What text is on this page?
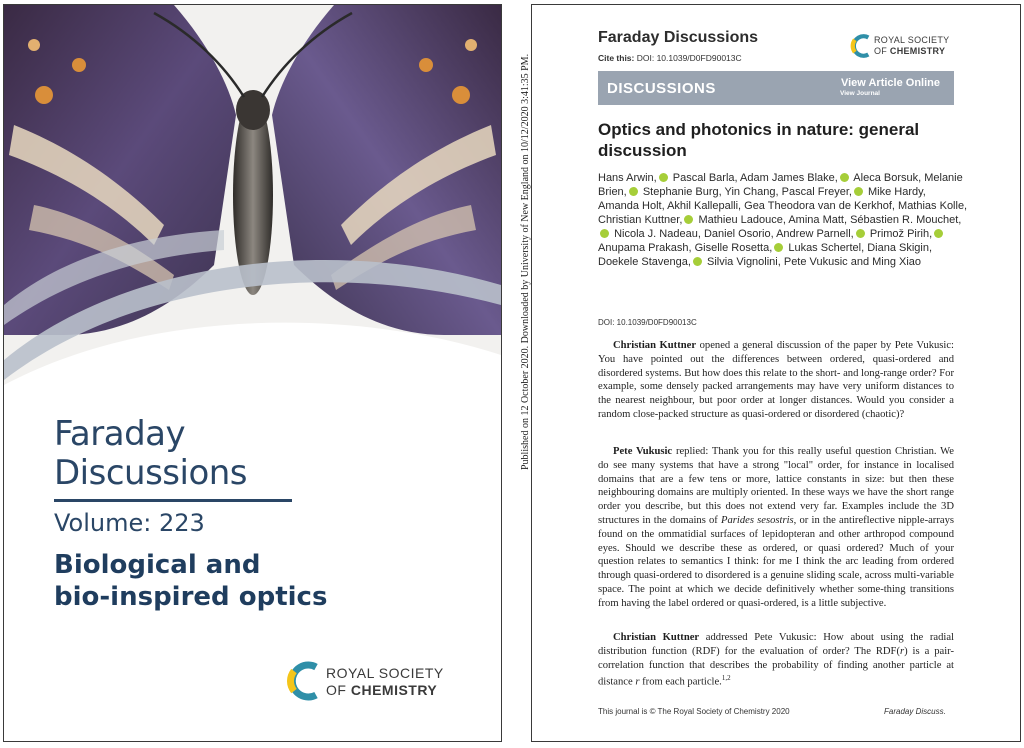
Faraday
Discussions
Volume: 223
Biological and
bio-inspired optics
ROYAL SOCIETY
OF CHEMISTRY
Published on 12 October 2020. Downloaded by University of New England on 10/12/2020 3:41:35 PM.
Faraday Discussions
Cite this: DOI: 10.1039/D0FD90013C
ROYAL SOCIETY
OF CHEMISTRY
DISCUSSIONS	View Article Online
View Journal
Optics and photonics in nature: general discussion
Hans Arwin, Pascal Barla, Adam James Blake, Aleca Borsuk, Melanie Brien, Stephanie Burg, Yin Chang, Pascal Freyer, Mike Hardy, Amanda Holt, Akhil Kallepalli, Gea Theodora van de Kerkhof, Mathias Kolle, Christian Kuttner, Mathieu Ladouce, Amina Matt, Sébastien R. Mouchet, Nicola J. Nadeau, Daniel Osorio, Andrew Parnell, Primož Pirih, Anupama Prakash, Giselle Rosetta, Lukas Schertel, Diana Skigin, Doekele Stavenga, Silvia Vignolini, Pete Vukusic and Ming Xiao
DOI: 10.1039/D0FD90013C

Christian Kuttner opened a general discussion of the paper by Pete Vukusic: You have pointed out the differences between ordered, quasi-ordered and disordered systems. But how does this relate to the short- and long-range order? For example, some densely packed arrangements may have very uniform distances to the nearest neighbour, but poor order at longer distances. Would you consider a random close-packed structure as quasi-ordered or disordered (chaotic)?

Pete Vukusic replied: Thank you for this really useful question Christian. We do see many systems that have a strong "local" order, for instance in localised domains that are a few tens or more, lattice constants in size: but then these neighbouring domains are multiply oriented. In these ways we have the short range order you describe, but this does not extend very far. Examples include the 3D structures in the domains of Parides sesostris, or in the antireflective nipple-arrays found on the ommatidial surfaces of lepidopteran and other arthropod compound eyes. Should we describe these as ordered, or quasi ordered? Much of your question relates to semantics I think: for me I think the arc leading from ordered through quasi-ordered to disordered is a genuine sliding scale, across multi-variable space. The point at which we decide definitively whether some-thing transitions from having the label ordered or quasi-ordered, is a little subjective.

Christian Kuttner addressed Pete Vukusic: How about using the radial distribution function (RDF) for the evaluation of order? The RDF(r) is a pair-correlation function that describes the probability of finding another particle at distance r from each particle.$^{1,2}$

This journal is © The Royal Society of Chemistry 2020	Faraday Discuss.
